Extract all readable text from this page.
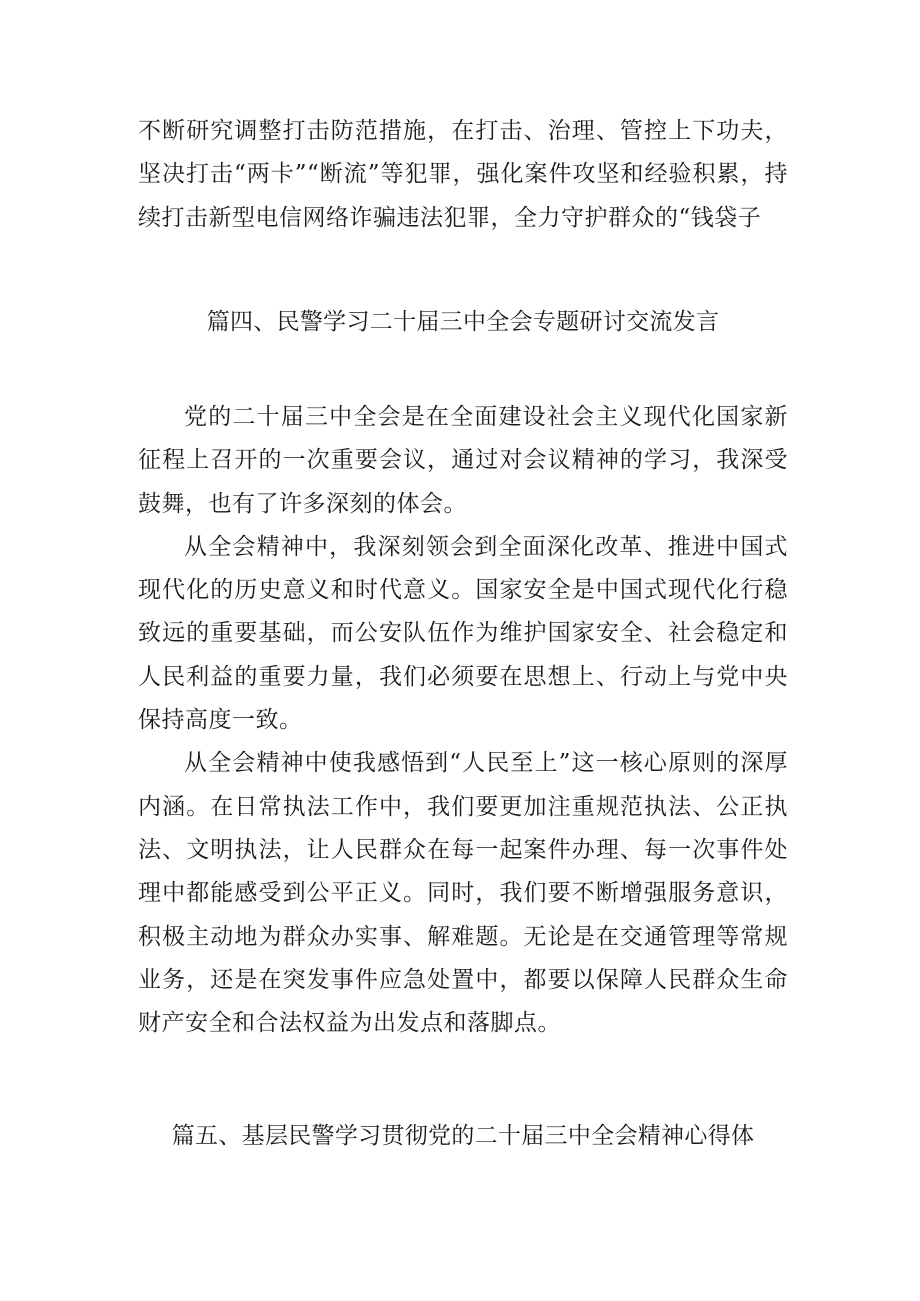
不断研究调整打击防范措施，在打击、治理、管控上下功夫，坚决打击“两卡”“断流”等犯罪，强化案件攻坚和经验积累，持续打击新型电信网络诈骗违法犯罪，全力守护群众的“钱袋子

篇四、民警学习二十届三中全会专题研讨交流发言

党的二十届三中全会是在全面建设社会主义现代化国家新征程上召开的一次重要会议，通过对会议精神的学习，我深受鼓舞，也有了许多深刻的体会。

从全会精神中，我深刻领会到全面深化改革、推进中国式现代化的历史意义和时代意义。国家安全是中国式现代化行稳致远的重要基础，而公安队伍作为维护国家安全、社会稳定和人民利益的重要力量，我们必须要在思想上、行动上与党中央保持高度一致。

从全会精神中使我感悟到“人民至上”这一核心原则的深厚内涵。在日常执法工作中，我们要更加注重规范执法、公正执法、文明执法，让人民群众在每一起案件办理、每一次事件处理中都能感受到公平正义。同时，我们要不断增强服务意识，积极主动地为群众办实事、解难题。无论是在交通管理等常规业务，还是在突发事件应急处置中，都要以保障人民群众生命财产安全和合法权益为出发点和落脚点。

篇五、基层民警学习贯彻党的二十届三中全会精神心得体
